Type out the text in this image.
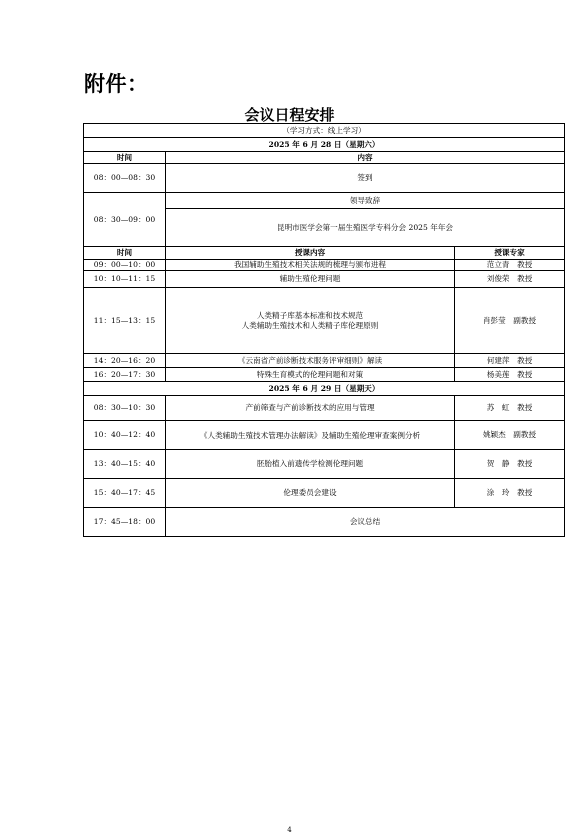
附件：
会议日程安排
（学习方式：线上学习）		
2025 年 6 月 28 日（星期六）		
时间	内容	
08：00—08：30	签到	
08：30—09：00	领导致辞	
	昆明市医学会第一届生殖医学专科分会 2025 年年会	
时间	授课内容	授课专家
09：00—10：00	我国辅助生殖技术相关法规的梳理与颁布进程	范立青　教授
10：10—11：15	辅助生殖伦理问题	刘俊荣　教授
11：15—13：15	人类精子库基本标准和技术规范
人类辅助生殖技术和人类精子库伦理原则	肖彭莹　副教授
14：20—16：20	《云南省产前诊断技术服务评审细则》解读	何建萍　教授
16：20—17：30	特殊生育模式的伦理问题和对策	杨美莲　教授
2025 年 6 月 29 日（星期天）		
08：30—10：30	产前筛查与产前诊断技术的应用与管理	苏　虹　教授
10：40—12：40	《人类辅助生殖技术管理办法解读》及辅助生殖伦理审查案例分析	姚颖杰　副教授
13：40—15：40	胚胎植入前遗传学检测伦理问题	贺　静　教授
15：40—17：45	伦理委员会建设	涂　玲　教授
17：45—18：00	会议总结	
4
